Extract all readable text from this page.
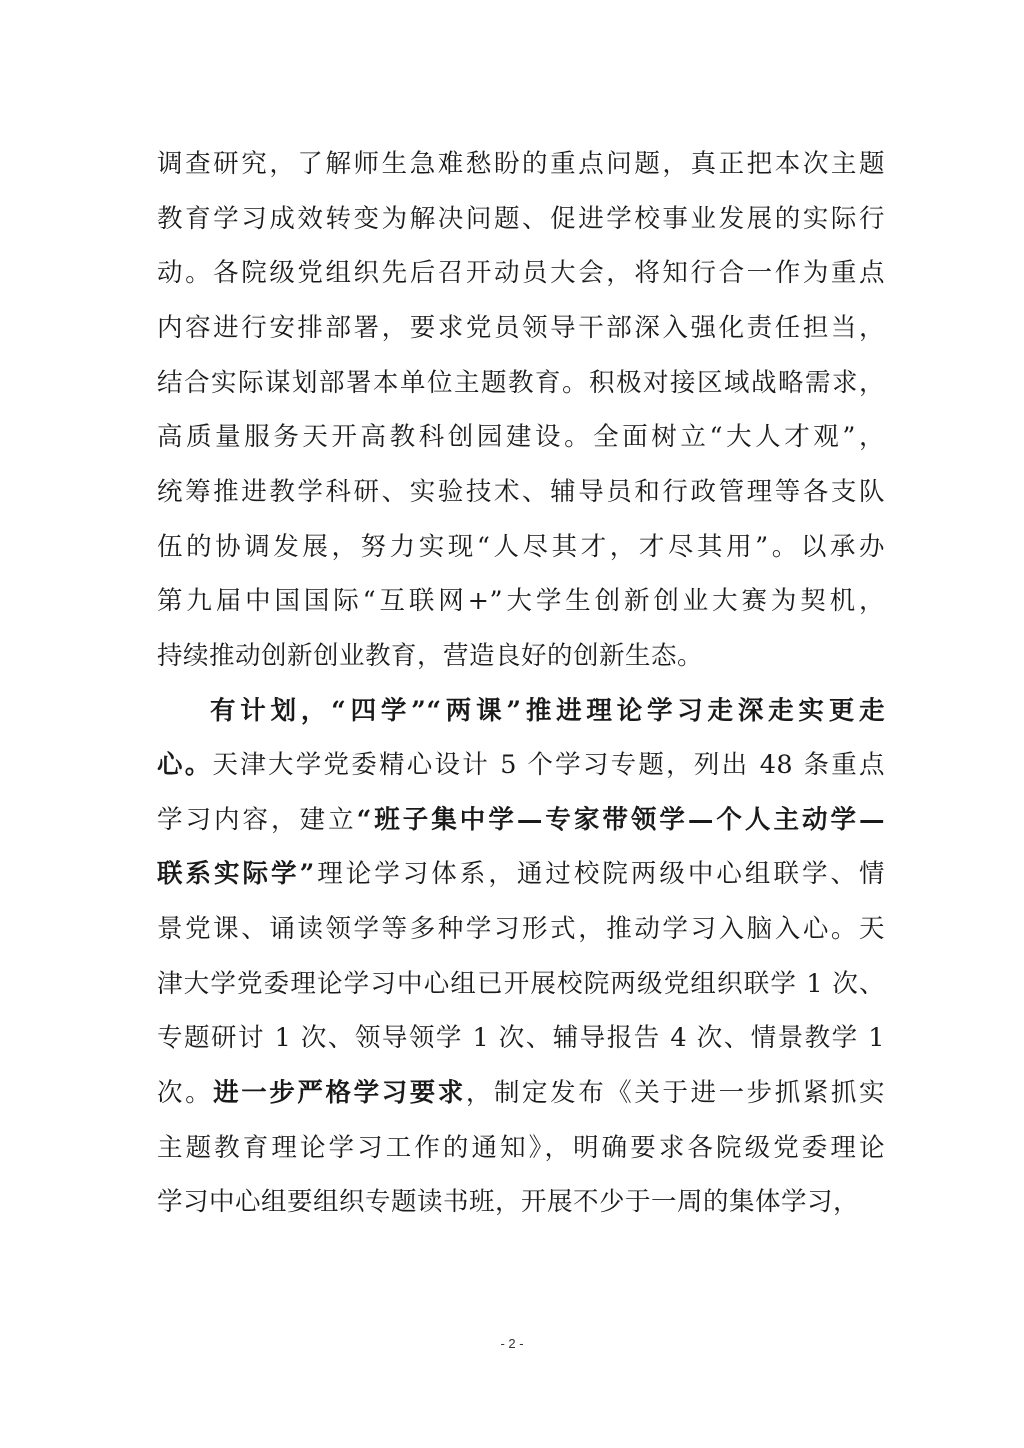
调查研究，了解师生急难愁盼的重点问题，真正把本次主题
教育学习成效转变为解决问题、促进学校事业发展的实际行
动。各院级党组织先后召开动员大会，将知行合一作为重点
内容进行安排部署，要求党员领导干部深入强化责任担当，
结合实际谋划部署本单位主题教育。积极对接区域战略需求，
高质量服务天开高教科创园建设。全面树立“大人才观”，
统筹推进教学科研、实验技术、辅导员和行政管理等各支队
伍的协调发展，努力实现“人尽其才，才尽其用”。以承办
第九届中国国际“互联网+”大学生创新创业大赛为契机，
持续推动创新创业教育，营造良好的创新生态。
有计划，“四学”“两课”推进理论学习走深走实更走
心。天津大学党委精心设计 5 个学习专题，列出 48 条重点
学习内容，建立“班子集中学—专家带领学—个人主动学—
联系实际学”理论学习体系，通过校院两级中心组联学、情
景党课、诵读领学等多种学习形式，推动学习入脑入心。天
津大学党委理论学习中心组已开展校院两级党组织联学 1 次、
专题研讨 1 次、领导领学 1 次、辅导报告 4 次、情景教学 1
次。进一步严格学习要求，制定发布《关于进一步抓紧抓实
主题教育理论学习工作的通知》，明确要求各院级党委理论
学习中心组要组织专题读书班，开展不少于一周的集体学习，
- 2 -
